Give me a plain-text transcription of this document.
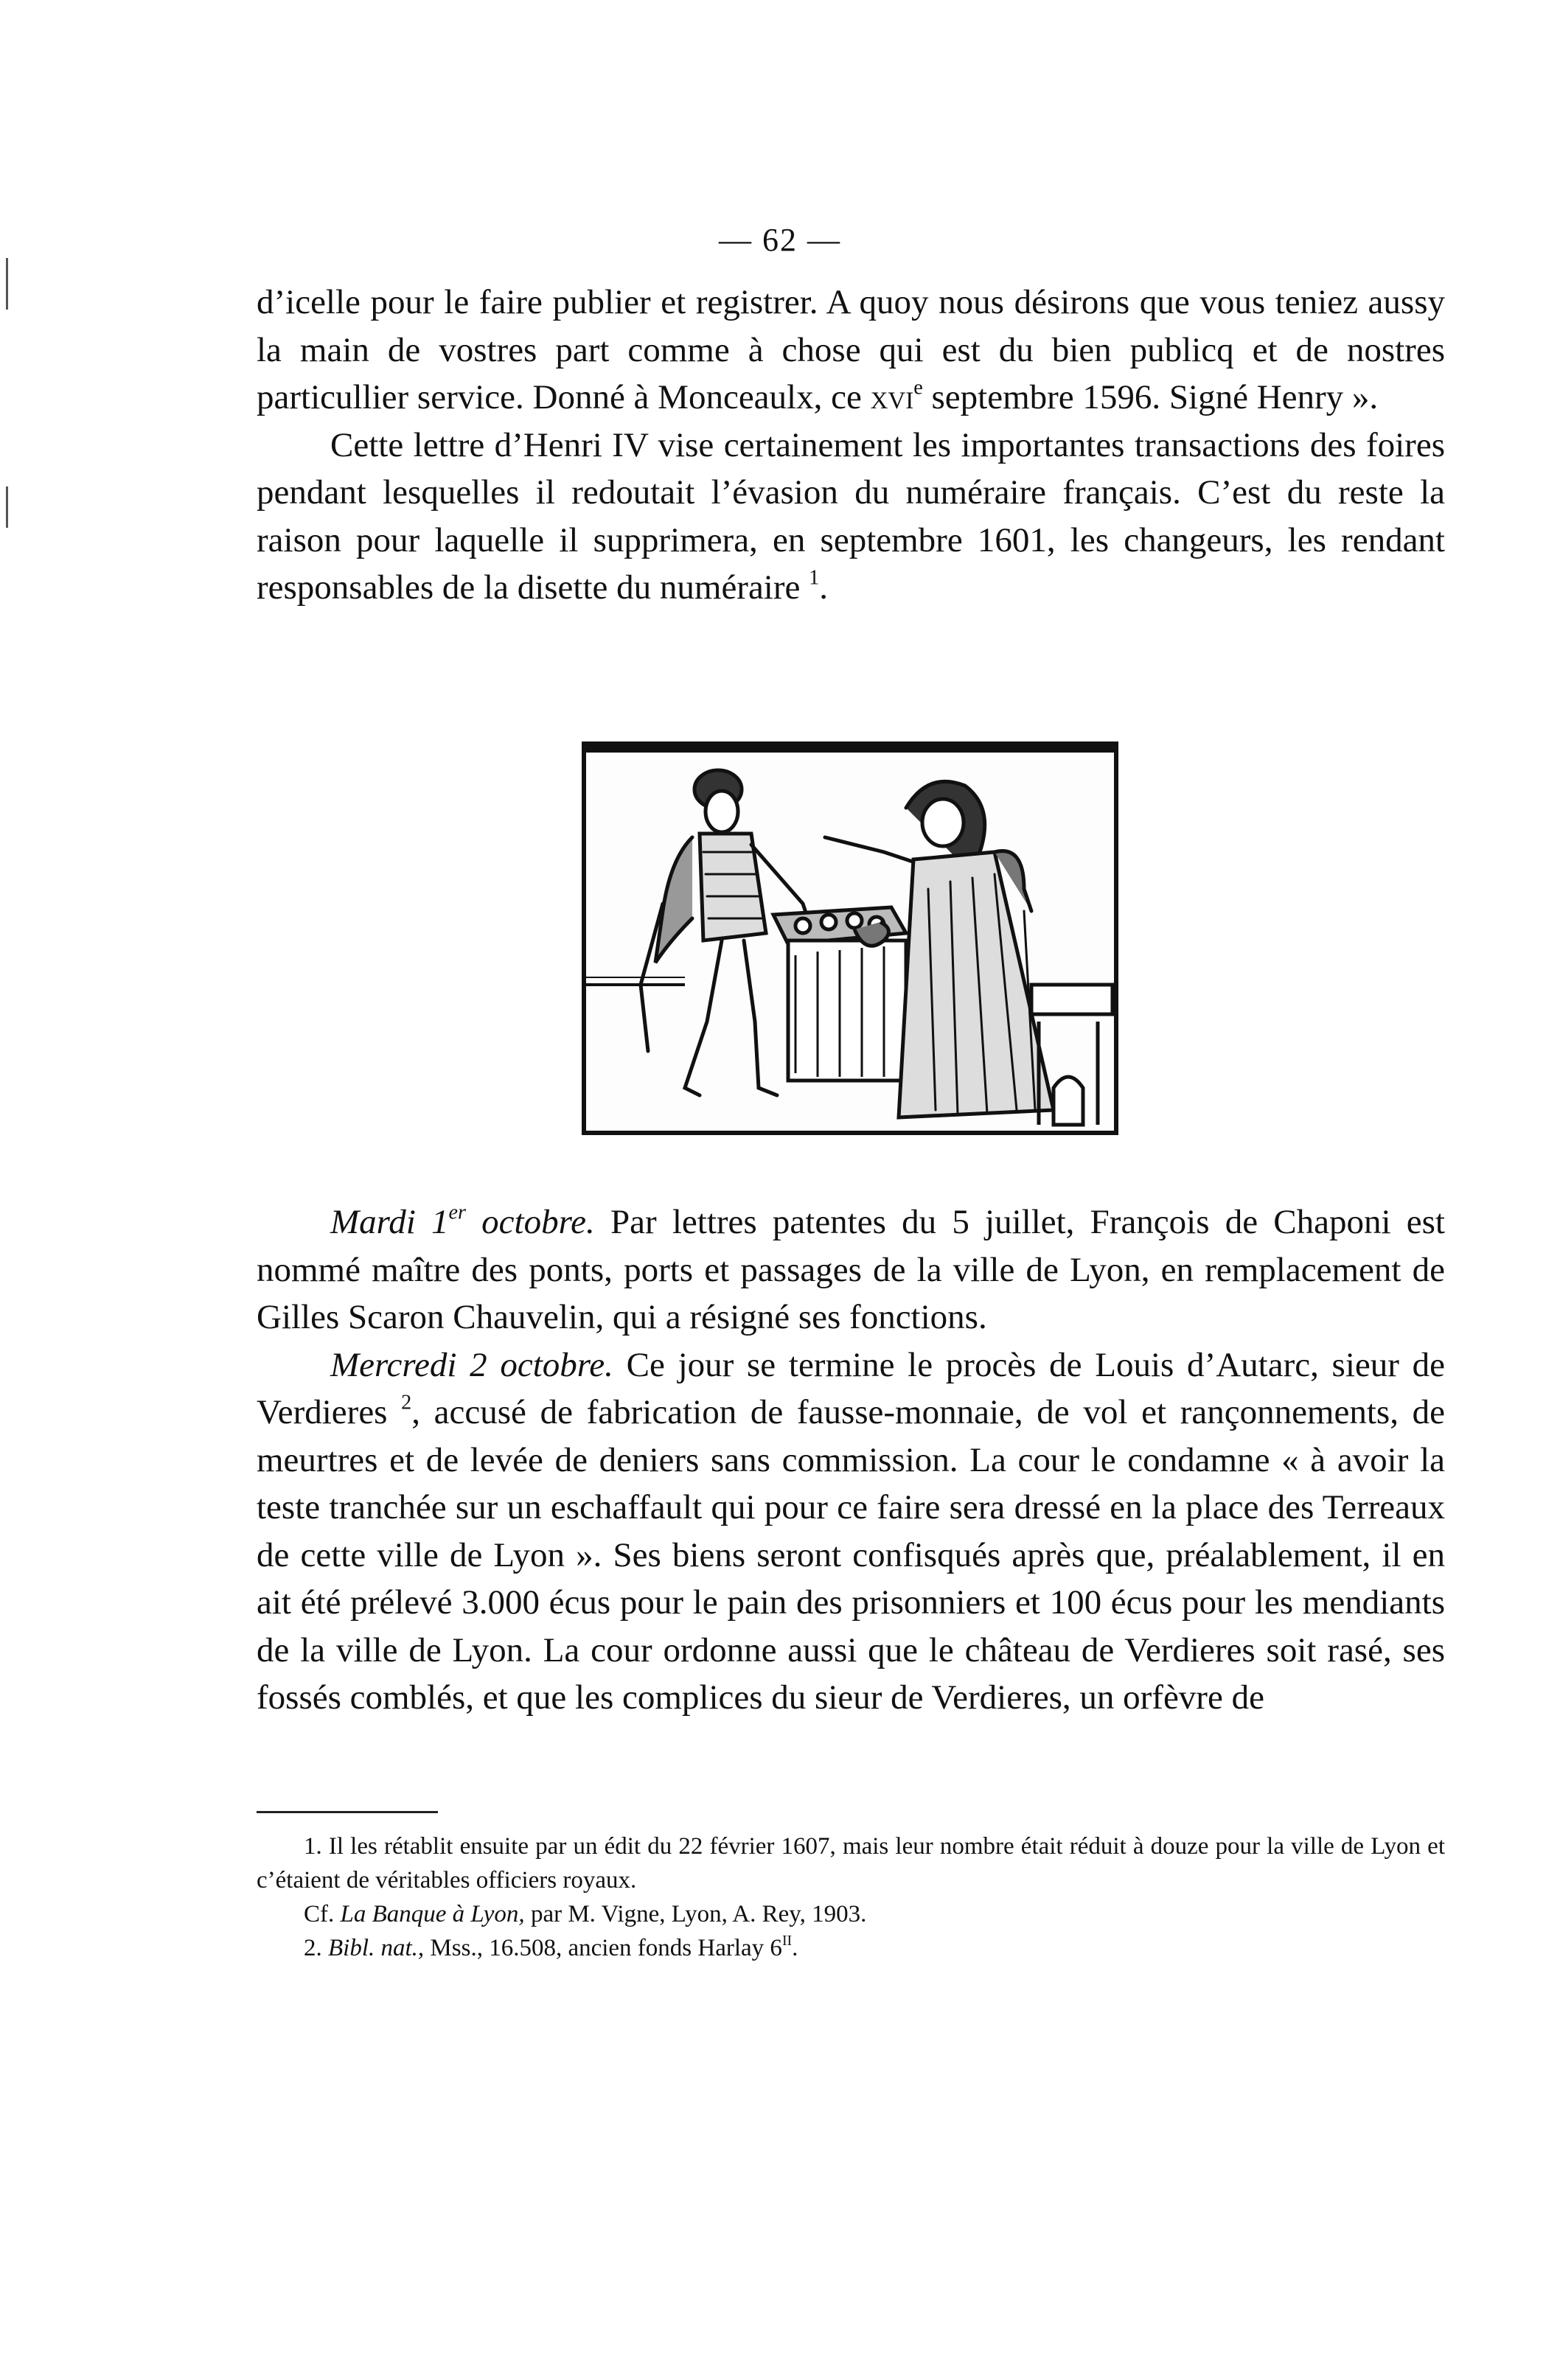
— 62 —

d’icelle pour le faire publier et registrer. A quoy nous désirons que vous teniez aussy la main de vostres part comme à chose qui est du bien publicq et de nostres particullier service. Donné à Monceaulx, ce xvi$^e$ septembre 1596. Signé Henry ».

Cette lettre d’Henri IV vise certainement les importantes transactions des foires pendant lesquelles il redoutait l’évasion du numéraire français. C’est du reste la raison pour laquelle il supprimera, en septembre 1601, les changeurs, les rendant responsables de la disette du numéraire $^1$.

Mardi 1er octobre. Par lettres patentes du 5 juillet, François de Chaponi est nommé maître des ponts, ports et passages de la ville de Lyon, en remplacement de Gilles Scaron Chauvelin, qui a résigné ses fonctions.

Mercredi 2 octobre. Ce jour se termine le procès de Louis d’Autarc, sieur de Verdieres $^2$, accusé de fabrication de fausse-monnaie, de vol et rançonnements, de meurtres et de levée de deniers sans commission. La cour le condamne « à avoir la teste tranchée sur un eschaffault qui pour ce faire sera dressé en la place des Terreaux de cette ville de Lyon ». Ses biens seront confisqués après que, préalablement, il en ait été prélevé 3.000 écus pour le pain des prisonniers et 100 écus pour les mendiants de la ville de Lyon. La cour ordonne aussi que le château de Verdieres soit rasé, ses fossés comblés, et que les complices du sieur de Verdieres, un orfèvre de

1. Il les rétablit ensuite par un édit du 22 février 1607, mais leur nombre était réduit à douze pour la ville de Lyon et c’étaient de véritables officiers royaux.

Cf. La Banque à Lyon, par M. Vigne, Lyon, A. Rey, 1903.

2. Bibl. nat., Mss., 16.508, ancien fonds Harlay $6^{II}$.
